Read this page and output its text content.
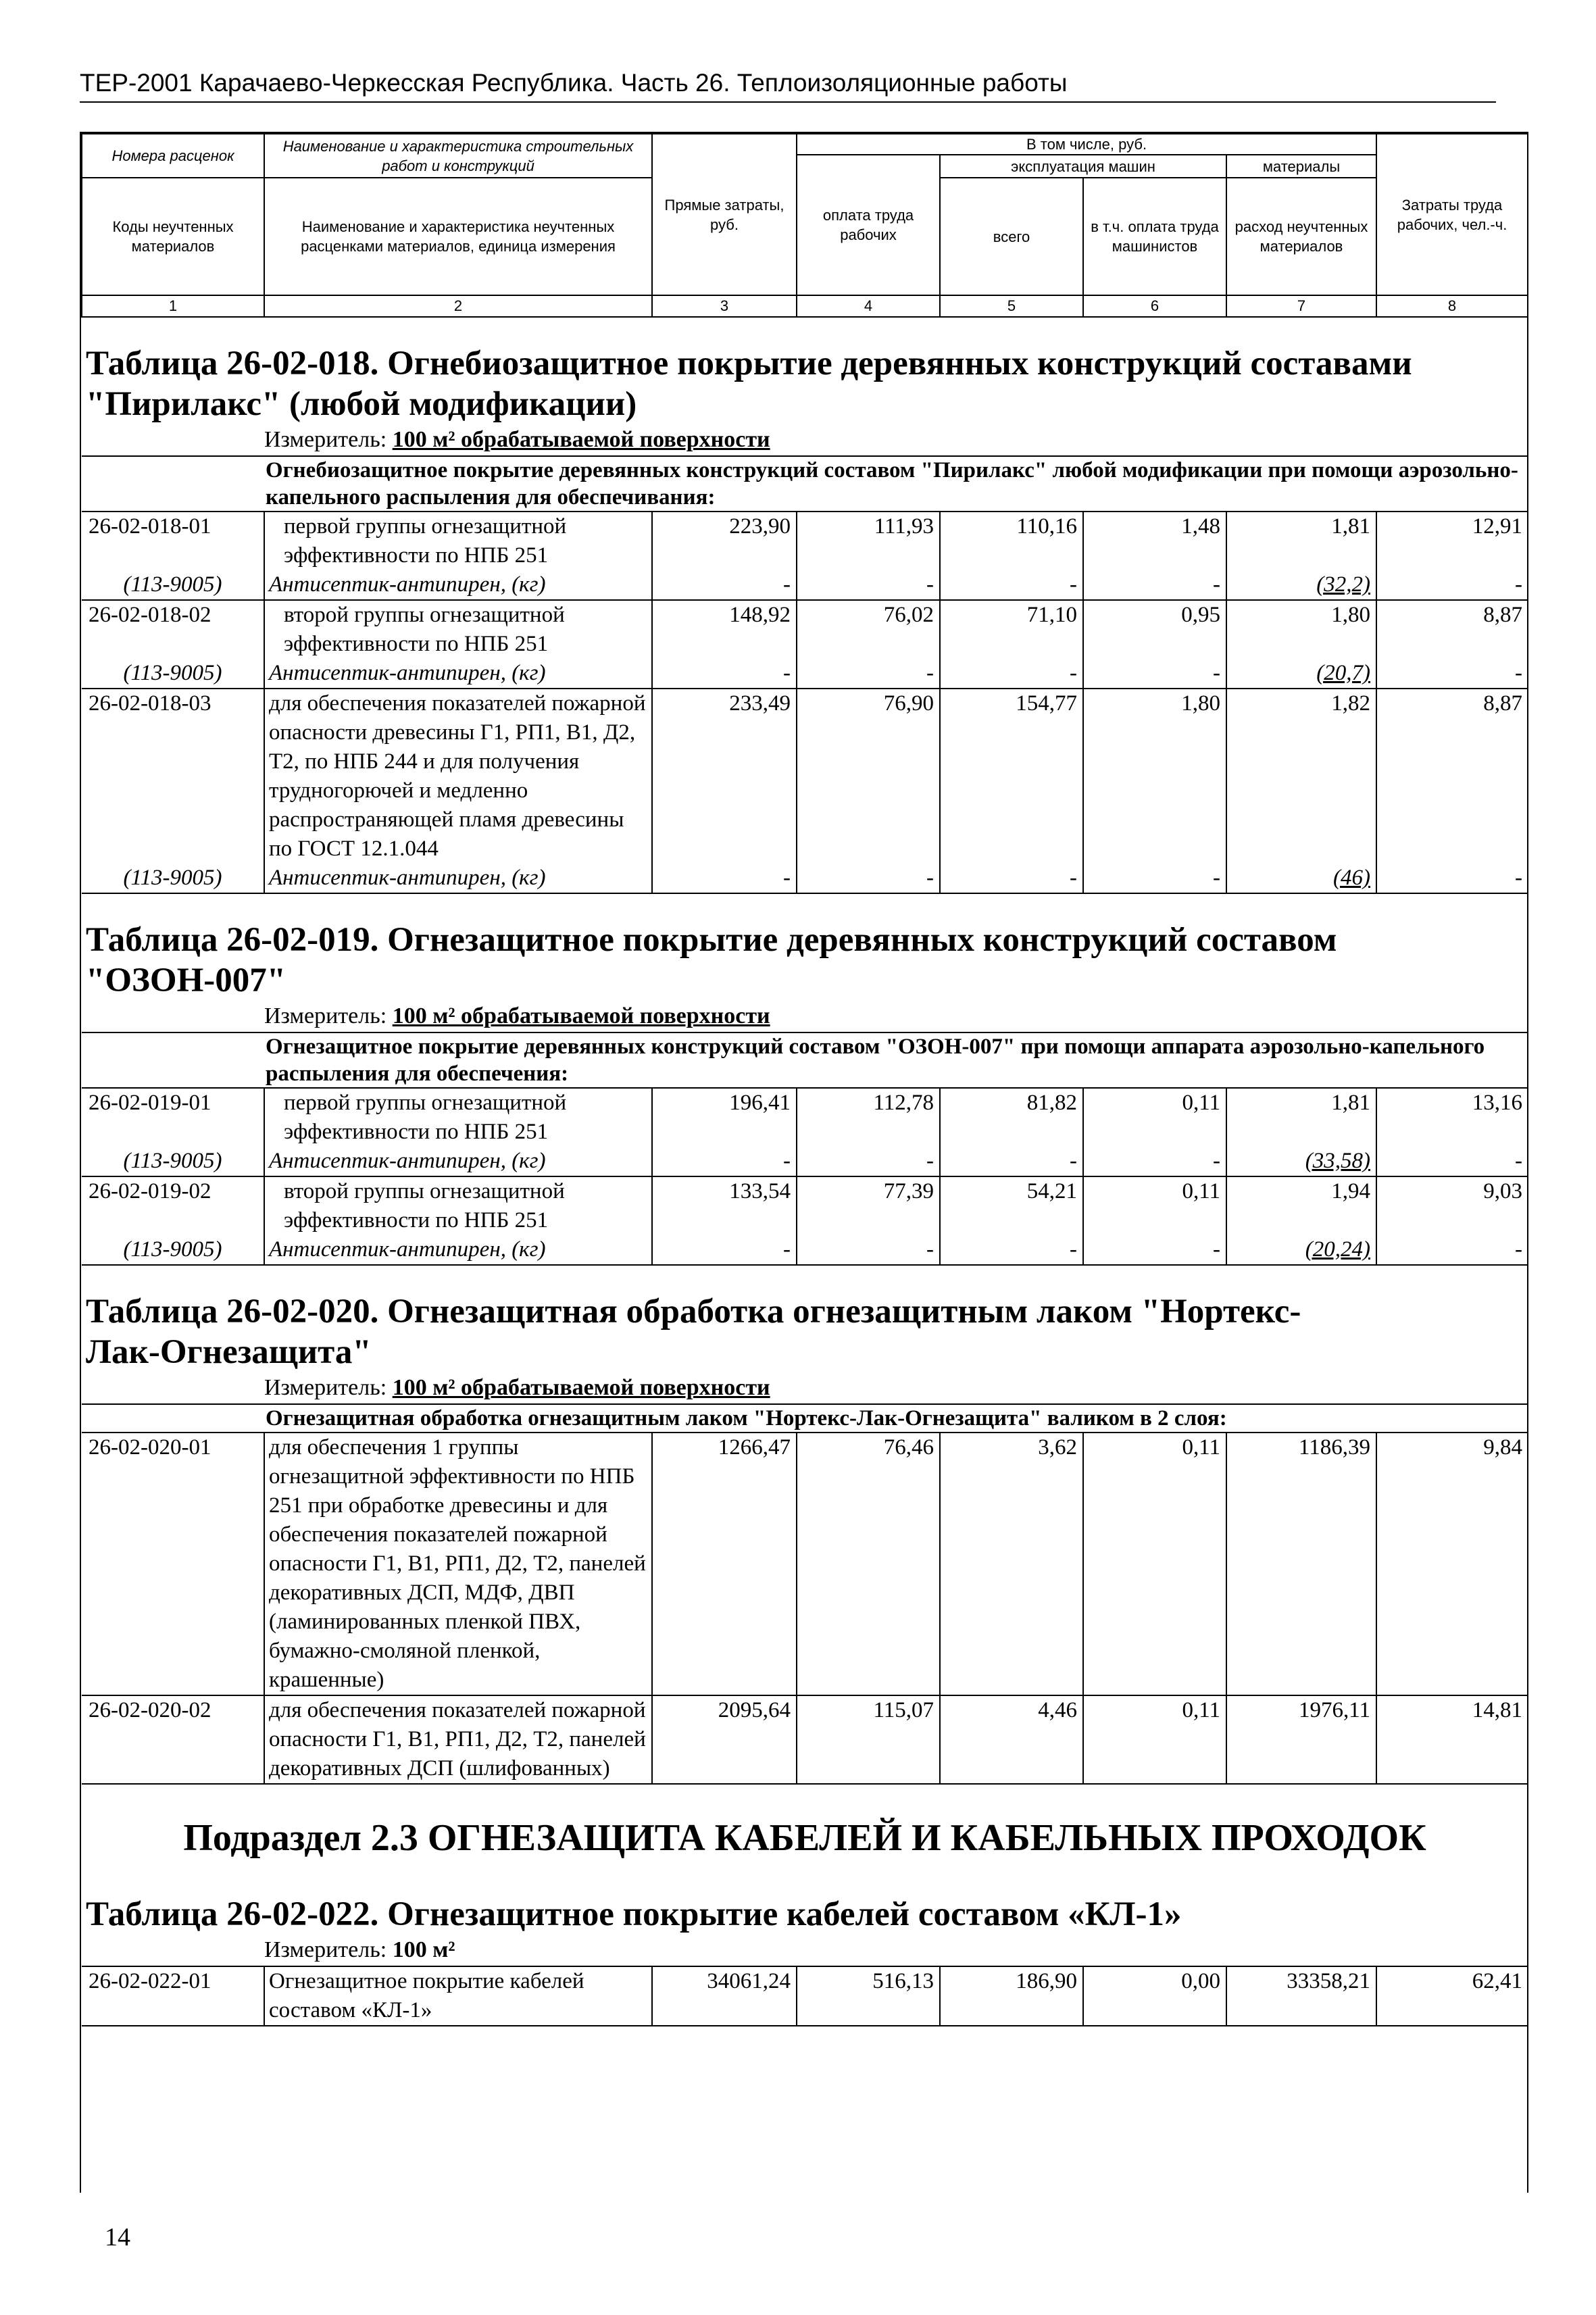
ТЕР-2001 Карачаево-Черкесская Республика. Часть 26. Теплоизоляционные работы
Номера расценок	Наименование и характеристика строительных работ и конструкций	Прямые затраты, руб.	В том числе, руб.				Затраты труда рабочих, чел.-ч.
			оплата труда рабочих	эксплуатация машин		материалы	
Коды неучтенных материалов	Наименование и характеристика неучтенных расценками материалов, единица измерения			всего	в т.ч. оплата труда машинистов	расход неучтенных материалов	

1	2	3	4	5	6	7	8

Таблица 26-02-018. Огнебиозащитное покрытие деревянных конструкций составами "Пирилакс" (любой модификации)							

	Измеритель: 100 м² обрабатываемой поверхности						
	Огнебиозащитное покрытие деревянных конструкций составом "Пирилакс" любой модификации при помощи аэрозольно-капельного распыления для обеспечивания:						
26-02-018-01	первой группы огнезащитной эффективности по НПБ 251	223,90	111,93	110,16	1,48	1,81	12,91
(113-9005)	Антисептик-антипирен, (кг)	-	-	-	-	(32,2)	-
26-02-018-02	второй группы огнезащитной эффективности по НПБ 251	148,92	76,02	71,10	0,95	1,80	8,87
(113-9005)	Антисептик-антипирен, (кг)	-	-	-	-	(20,7)	-
26-02-018-03	для обеспечения показателей пожарной опасности древесины Г1, РП1, В1, Д2, Т2, по НПБ 244 и для получения трудногорючей и медленно распространяющей пламя древесины по ГОСТ 12.1.044	233,49	76,90	154,77	1,80	1,82	8,87
(113-9005)	Антисептик-антипирен, (кг)	-	-	-	-	(46)	-

Таблица 26-02-019. Огнезащитное покрытие деревянных конструкций составом "ОЗОН-007"							

	Измеритель: 100 м² обрабатываемой поверхности						
	Огнезащитное покрытие деревянных конструкций составом "ОЗОН-007" при помощи аппарата аэрозольно-капельного распыления для обеспечения:						
26-02-019-01	первой группы огнезащитной эффективности по НПБ 251	196,41	112,78	81,82	0,11	1,81	13,16
(113-9005)	Антисептик-антипирен, (кг)	-	-	-	-	(33,58)	-
26-02-019-02	второй группы огнезащитной эффективности по НПБ 251	133,54	77,39	54,21	0,11	1,94	9,03
(113-9005)	Антисептик-антипирен, (кг)	-	-	-	-	(20,24)	-

Таблица 26-02-020. Огнезащитная обработка огнезащитным лаком "Нортекс-Лак-Огнезащита"							

	Измеритель: 100 м² обрабатываемой поверхности						
	Огнезащитная обработка огнезащитным лаком "Нортекс-Лак-Огнезащита" валиком в 2 слоя:						
26-02-020-01	для обеспечения 1 группы огнезащитной эффективности по НПБ 251 при обработке древесины и для обеспечения показателей пожарной опасности Г1, В1, РП1, Д2, Т2, панелей декоративных ДСП, МДФ, ДВП (ламинированных пленкой ПВХ, бумажно-смоляной пленкой, крашенные)	1266,47	76,46	3,62	0,11	1186,39	9,84
26-02-020-02	для обеспечения показателей пожарной опасности Г1, В1, РП1, Д2, Т2, панелей декоративных ДСП (шлифованных)	2095,64	115,07	4,46	0,11	1976,11	14,81

Подраздел 2.3 ОГНЕЗАЩИТА КАБЕЛЕЙ И КАБЕЛЬНЫХ ПРОХОДОК							

Таблица 26-02-022. Огнезащитное покрытие кабелей составом «КЛ-1»							

	Измеритель: 100 м²						
26-02-022-01	Огнезащитное покрытие кабелей составом «КЛ-1»	34061,24	516,13	186,90	0,00	33358,21	62,41
14
